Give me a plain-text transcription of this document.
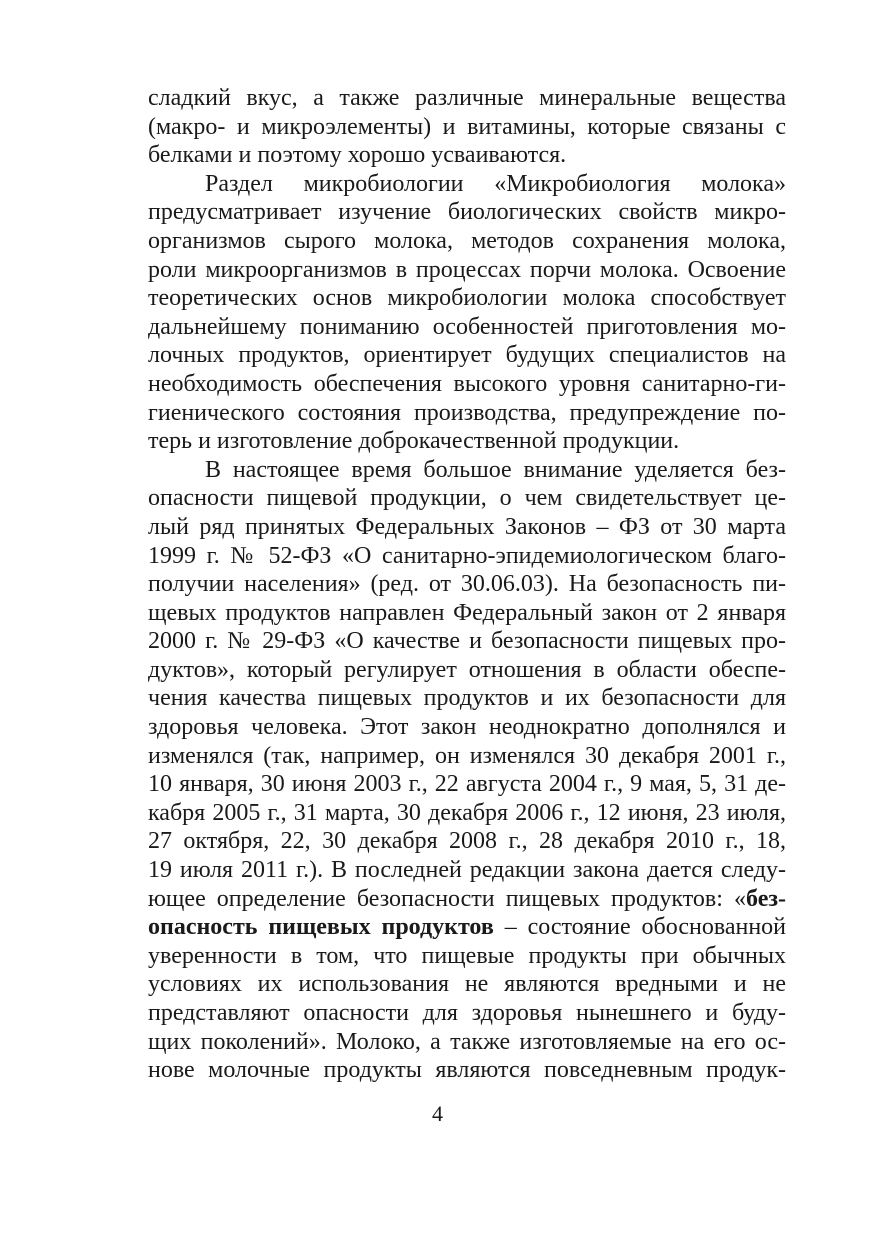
сладкий вкус, а также различные минеральные вещества
(макро- и микроэлементы) и витамины, которые связаны с
белками и поэтому хорошо усваиваются.
Раздел микробиологии «Микробиология молока»
предусматривает изучение биологических свойств микро-
организмов сырого молока, методов сохранения молока,
роли микроорганизмов в процессах порчи молока. Освоение
теоретических основ микробиологии молока способствует
дальнейшему пониманию особенностей приготовления мо-
лочных продуктов, ориентирует будущих специалистов на
необходимость обеспечения высокого уровня санитарно-ги-
гиенического состояния производства, предупреждение по-
терь и изготовление доброкачественной продукции.
В настоящее время большое внимание уделяется без-
опасности пищевой продукции, о чем свидетельствует це-
лый ряд принятых Федеральных Законов – ФЗ от 30 марта
1999 г. № 52-ФЗ «О санитарно-эпидемиологическом благо-
получии населения» (ред. от 30.06.03). На безопасность пи-
щевых продуктов направлен Федеральный закон от 2 января
2000 г. № 29-ФЗ «О качестве и безопасности пищевых про-
дуктов», который регулирует отношения в области обеспе-
чения качества пищевых продуктов и их безопасности для
здоровья человека. Этот закон неоднократно дополнялся и
изменялся (так, например, он изменялся 30 декабря 2001 г.,
10 января, 30 июня 2003 г., 22 августа 2004 г., 9 мая, 5, 31 де-
кабря 2005 г., 31 марта, 30 декабря 2006 г., 12 июня, 23 июля,
27 октября, 22, 30 декабря 2008 г., 28 декабря 2010 г., 18,
19 июля 2011 г.). В последней редакции закона дается следу-
ющее определение безопасности пищевых продуктов: «без-
опасность пищевых продуктов – состояние обоснованной
уверенности в том, что пищевые продукты при обычных
условиях их использования не являются вредными и не
представляют опасности для здоровья нынешнего и буду-
щих поколений». Молоко, а также изготовляемые на его ос-
нове молочные продукты являются повседневным продук-
4
